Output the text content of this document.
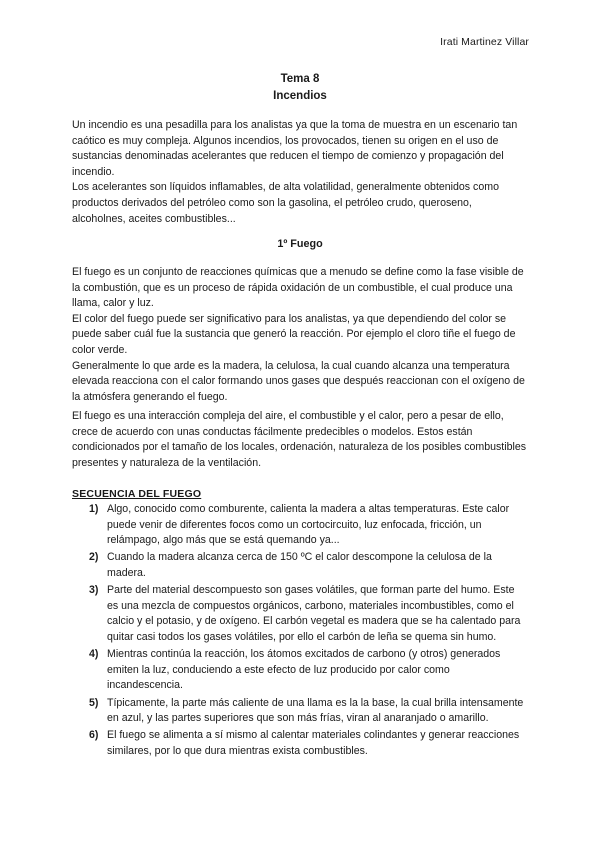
Irati Martinez Villar
Tema 8
Incendios

Un incendio es una pesadilla para los analistas ya que la toma de muestra en un escenario tan caótico es muy compleja. Algunos incendios, los provocados, tienen su origen en el uso de sustancias denominadas acelerantes que reducen el tiempo de comienzo y propagación del incendio.

Los acelerantes son líquidos inflamables, de alta volatilidad, generalmente obtenidos como productos derivados del petróleo como son la gasolina, el petróleo crudo, queroseno, alcoholnes, aceites combustibles...

1º Fuego

El fuego es un conjunto de reacciones químicas que a menudo se define como la fase visible de la combustión, que es un proceso de rápida oxidación de un combustible, el cual produce una llama, calor y luz.

El color del fuego puede ser significativo para los analistas, ya que dependiendo del color se puede saber cuál fue la sustancia que generó la reacción. Por ejemplo el cloro tiñe el fuego de color verde.

Generalmente lo que arde es la madera, la celulosa, la cual cuando alcanza una temperatura elevada reacciona con el calor formando unos gases que después reaccionan con el oxígeno de la atmósfera generando el fuego.

El fuego es una interacción compleja del aire, el combustible y el calor, pero a pesar de ello, crece de acuerdo con unas conductas fácilmente predecibles o modelos. Estos están condicionados por el tamaño de los locales, ordenación, naturaleza de los posibles combustibles presentes y naturaleza de la ventilación.

SECUENCIA DEL FUEGO
1) Algo, conocido como comburente, calienta la madera a altas temperaturas. Este calor puede venir de diferentes focos como un cortocircuito, luz enfocada, fricción, un relámpago, algo más que se está quemando ya...
2) Cuando la madera alcanza cerca de 150 ºC el calor descompone la celulosa de la madera.
3) Parte del material descompuesto son gases volátiles, que forman parte del humo. Este es una mezcla de compuestos orgánicos, carbono, materiales incombustibles, como el calcio y el potasio, y de oxígeno. El carbón vegetal es madera que se ha calentado para quitar casi todos los gases volátiles, por ello el carbón de leña se quema sin humo.
4) Mientras continúa la reacción, los átomos excitados de carbono (y otros) generados emiten la luz, conduciendo a este efecto de luz producido por calor como incandescencia.
5) Típicamente, la parte más caliente de una llama es la la base, la cual brilla intensamente en azul, y las partes superiores que son más frías, viran al anaranjado o amarillo.
6) El fuego se alimenta a sí mismo al calentar materiales colindantes y generar reacciones similares, por lo que dura mientras exista combustibles.
